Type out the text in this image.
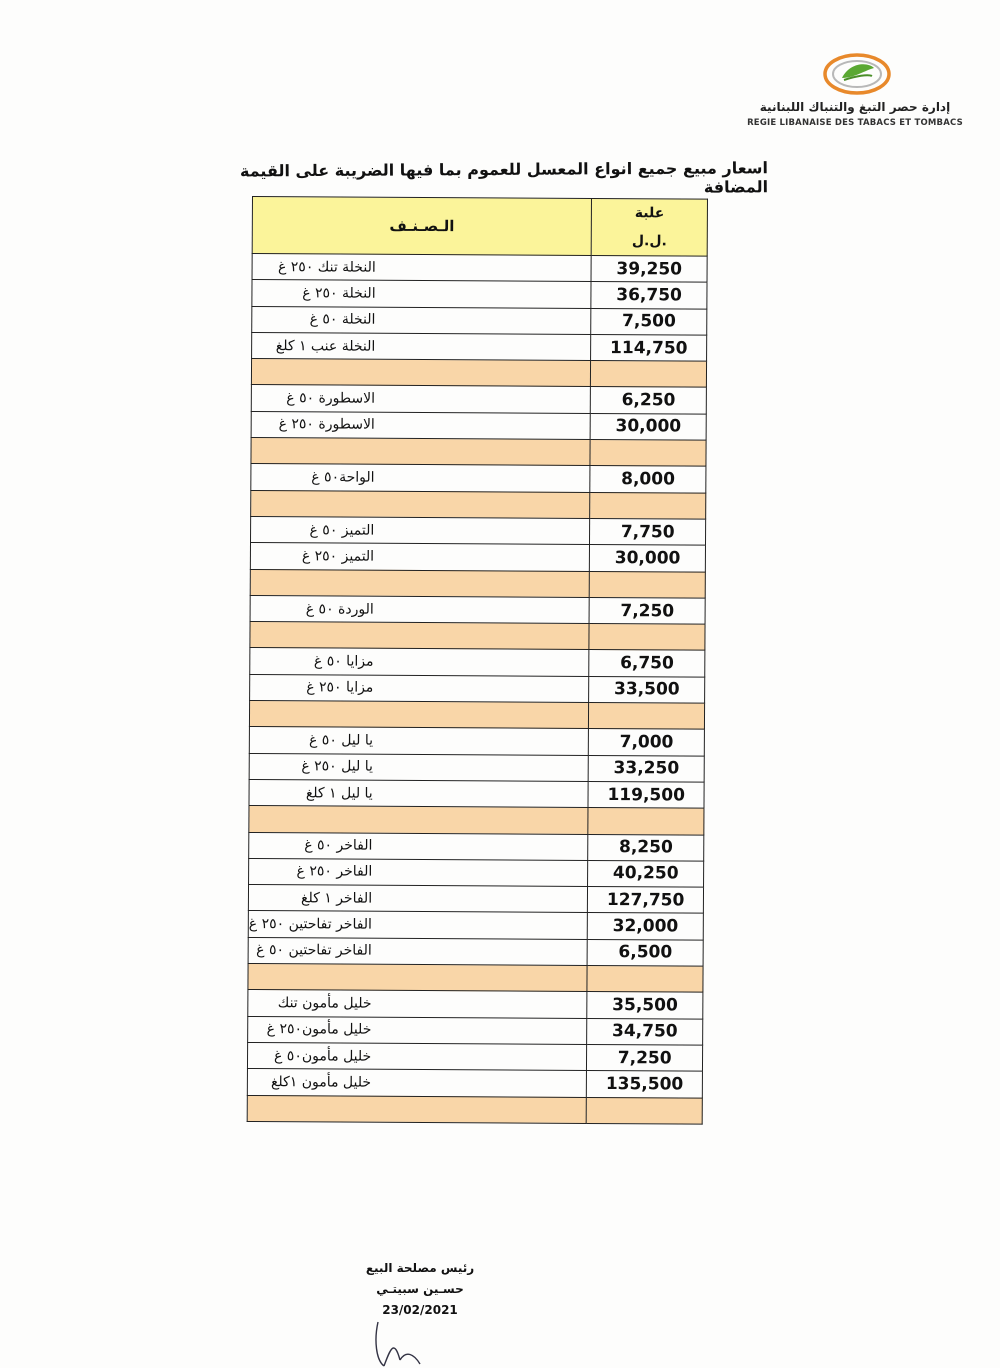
إدارة حصر التبغ والتنباك اللبنانية
REGIE LIBANAISE DES TABACS ET TOMBACS
اسعار مبيع جميع انواع المعسل للعموم بما فيها الضريبة على القيمة المضافة
الـصـنـف	علبة
ل.ل.

النخلة تنك ٢٥٠ غ	39,250
النخلة ٢٥٠ غ	36,750
النخلة ٥٠ غ	7,500
النخلة عنب ١ كلغ	114,750

الاسطورة ٥٠ غ	6,250
الاسطورة ٢٥٠ غ	30,000

الواحة٥٠ غ	8,000

التميز ٥٠ غ	7,750
التميز ٢٥٠ غ	30,000

الوردة ٥٠ غ	7,250

مزايا ٥٠ غ	6,750
مزايا ٢٥٠ غ	33,500

يا ليل ٥٠ غ	7,000
يا ليل ٢٥٠ غ	33,250
يا ليل ١ كلغ	119,500

الفاخر ٥٠ غ	8,250
الفاخر ٢٥٠ غ	40,250
الفاخر ١ كلغ	127,750
الفاخر تفاحتين ٢٥٠ غ	32,000
الفاخر تفاحتين ٥٠ غ	6,500

خليل مأمون تنك	35,500
خليل مأمون٢٥٠ غ	34,750
خليل مأمون٥٠ غ	7,250
خليل مأمون ١كلغ	135,500

رئيس مصلحة البيع
حسـين سبيتـي
23/02/2021
